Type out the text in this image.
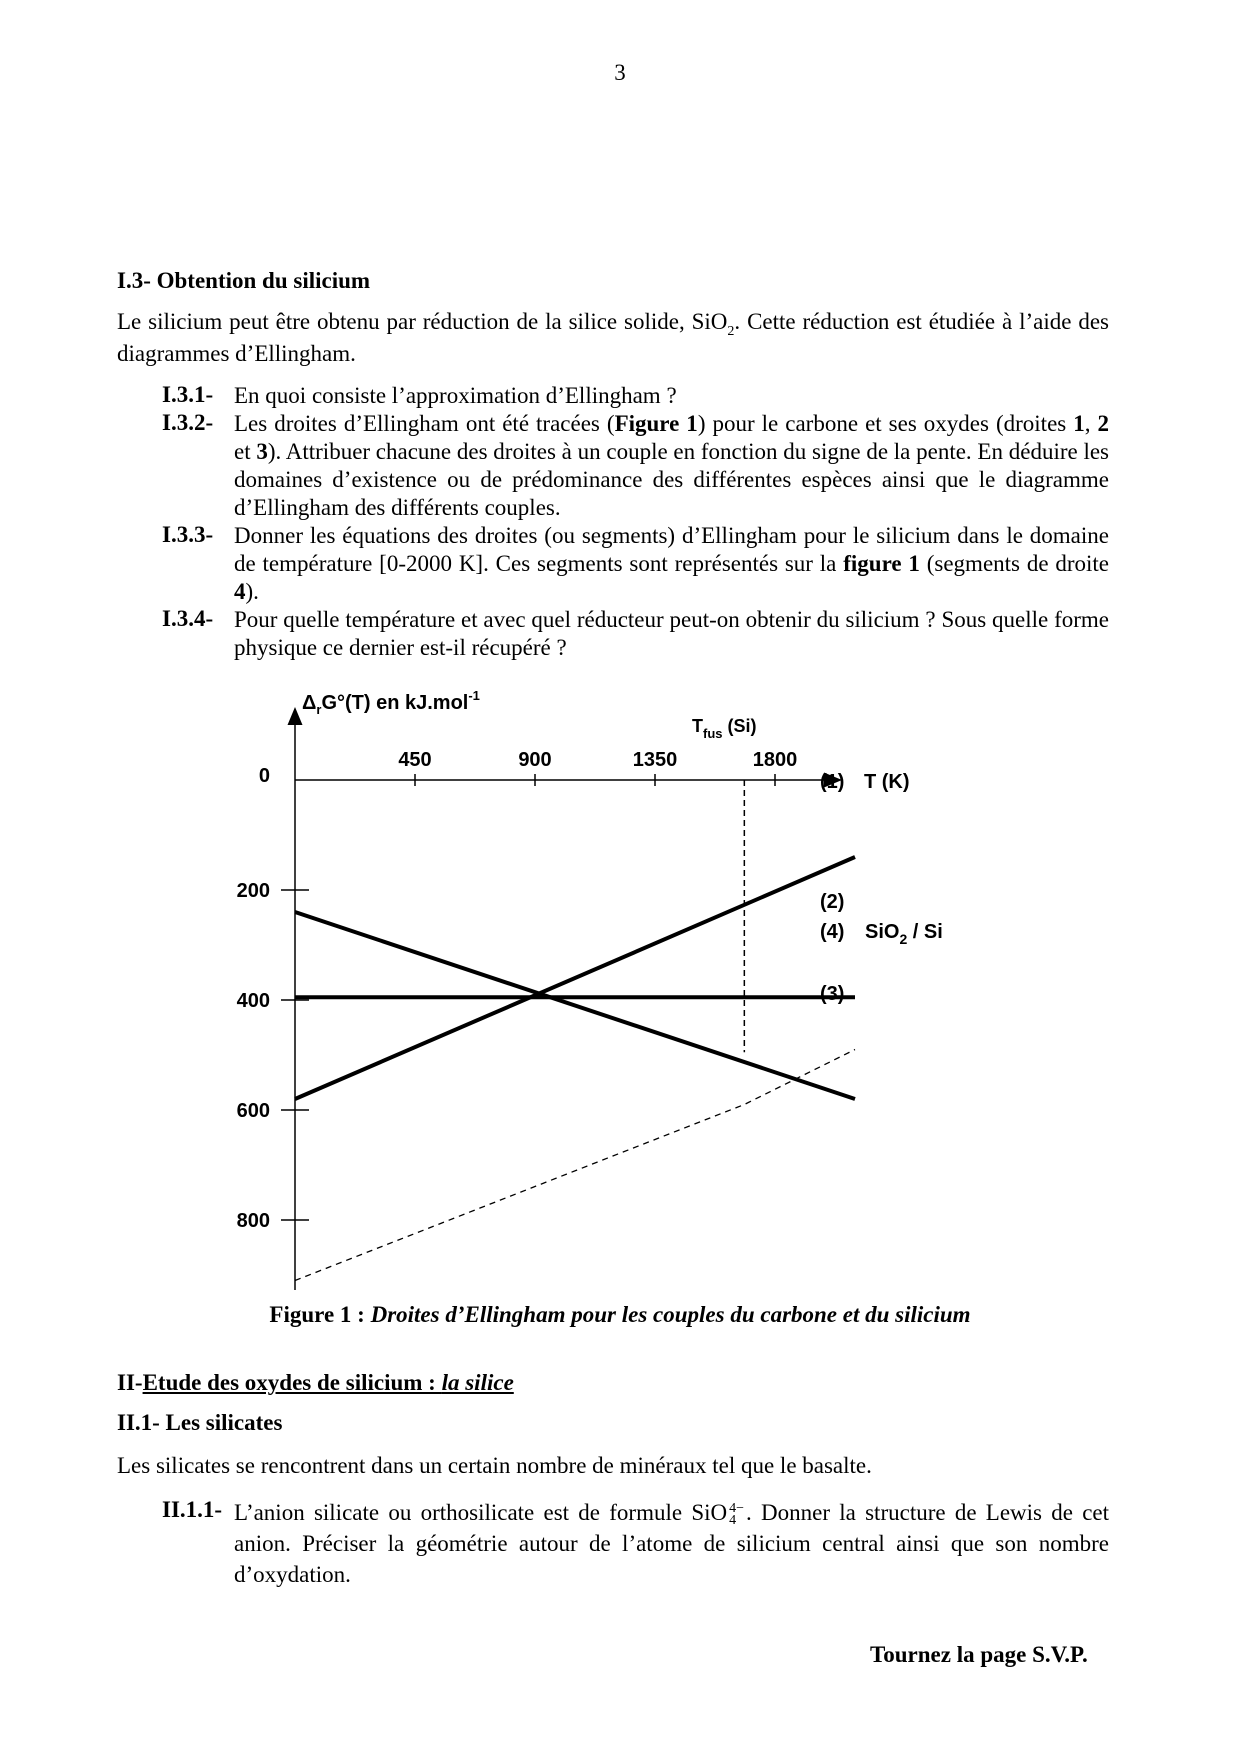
3
I.3- Obtention du silicium
Le silicium peut être obtenu par réduction de la silice solide, SiO$_2$. Cette réduction est étudiée à l’aide des diagrammes d’Ellingham.
I.3.1- En quoi consiste l’approximation d’Ellingham ?
I.3.2- Les droites d’Ellingham ont été tracées (Figure 1) pour le carbone et ses oxydes (droites 1, 2 et 3). Attribuer chacune des droites à un couple en fonction du signe de la pente. En déduire les domaines d’existence ou de prédominance des différentes espèces ainsi que le diagramme d’Ellingham des différents couples.
I.3.3- Donner les équations des droites (ou segments) d’Ellingham pour le silicium dans le domaine de température [0-2000 K]. Ces segments sont représentés sur la figure 1 (segments de droite 4).
I.3.4- Pour quelle température et avec quel réducteur peut-on obtenir du silicium ? Sous quelle forme physique ce dernier est-il récupéré ?
$\Delta_rG^\circ(T)$ en kJ.mol$^{-1}$
$T_{fus}$ (Si)
450	900	1350	1800
T (K)
0
200
400
600
800
(1)
(2)
(4) SiO$_2$ / Si
(3)
Figure 1 : Droites d’Ellingham pour les couples du carbone et du silicium
II-Etude des oxydes de silicium : la silice
II.1- Les silicates
Les silicates se rencontrent dans un certain nombre de minéraux tel que le basalte.
II.1.1- L’anion silicate ou orthosilicate est de formule SiO 4−
4 . Donner la structure de Lewis de cet anion. Préciser la géométrie autour de l’atome de silicium central ainsi que son nombre d’oxydation.
Tournez la page S.V.P.
